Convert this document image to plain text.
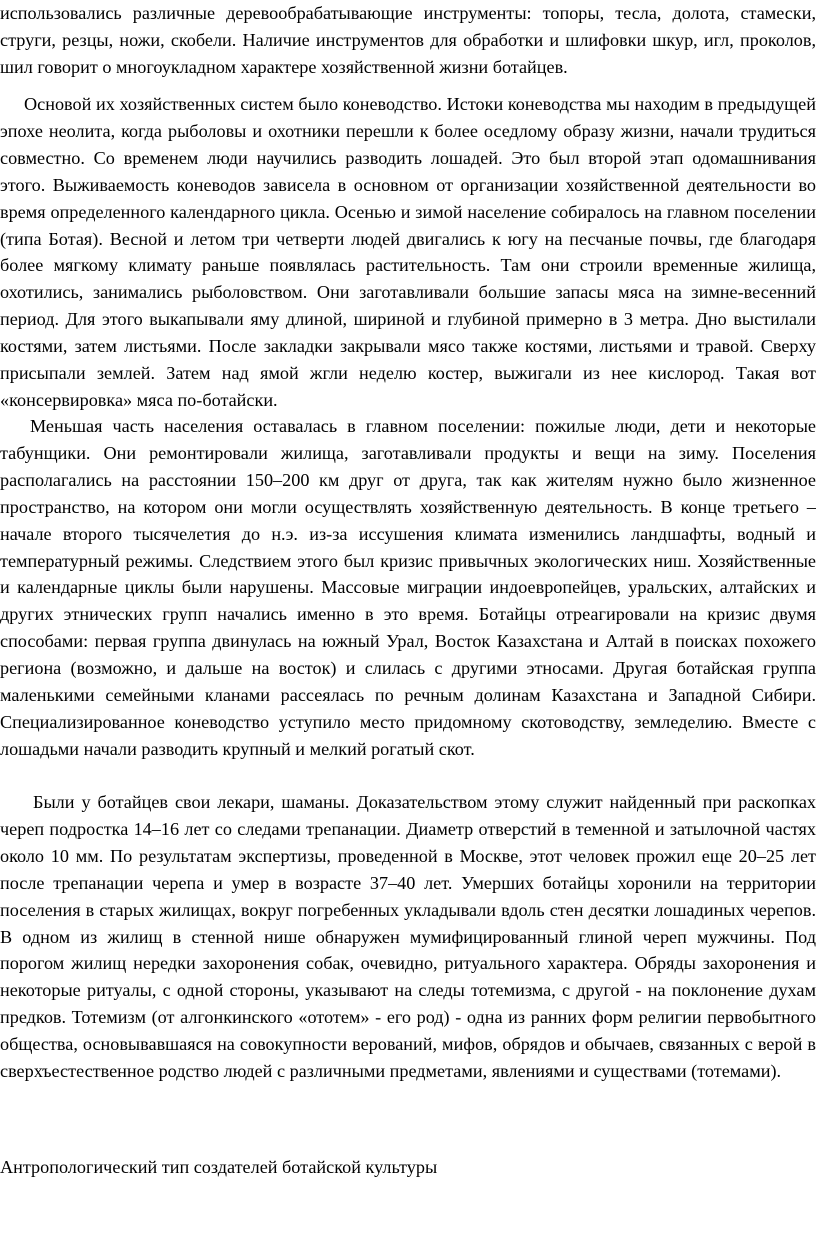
использовались различные деревообрабатывающие инструменты: топоры, тесла, долота, стамески, струги, резцы, ножи, скобели. Наличие инструментов для обработки и шлифовки шкур, игл, проколов, шил говорит о многоукладном характере хозяйственной жизни ботайцев.

Основой их хозяйственных систем было коневодство. Истоки коневодства мы находим в предыдущей эпохе неолита, когда рыболовы и охотники перешли к более оседлому образу жизни, начали трудиться совместно. Со временем люди научились разводить лошадей. Это был второй этап одомашнивания этого. Выживаемость коневодов зависела в основном от организации хозяйственной деятельности во время определенного календарного цикла. Осенью и зимой население собиралось на главном поселении (типа Ботая). Весной и летом три четверти людей двигались к югу на песчаные почвы, где благодаря более мягкому климату раньше появлялась растительность. Там они строили временные жилища, охотились, занимались рыболовством. Они заготавливали большие запасы мяса на зимне-весенний период. Для этого выкапывали яму длиной, шириной и глубиной примерно в 3 метра. Дно выстилали костями, затем листьями. После закладки закрывали мясо также костями, листьями и травой. Сверху присыпали землей. Затем над ямой жгли неделю костер, выжигали из нее кислород. Такая вот «консервировка» мяса по-ботайски.

Меньшая часть населения оставалась в главном поселении: пожилые люди, дети и некоторые табунщики. Они ремонтировали жилища, заготавливали продукты и вещи на зиму. Поселения располагались на расстоянии 150–200 км друг от друга, так как жителям нужно было жизненное пространство, на котором они могли осуществлять хозяйственную деятельность. В конце третьего – начале второго тысячелетия до н.э. из-за иссушения климата изменились ландшафты, водный и температурный режимы. Следствием этого был кризис привычных экологических ниш. Хозяйственные и календарные циклы были нарушены. Массовые миграции индоевропейцев, уральских, алтайских и других этнических групп начались именно в это время. Ботайцы отреагировали на кризис двумя способами: первая группа двинулась на южный Урал, Восток Казахстана и Алтай в поисках похожего региона (возможно, и дальше на восток) и слилась с другими этносами. Другая ботайская группа маленькими семейными кланами рассеялась по речным долинам Казахстана и Западной Сибири. Специализированное коневодство уступило место придомному скотоводству, земледелию. Вместе с лошадьми начали разводить крупный и мелкий рогатый скот.

Были у ботайцев свои лекари, шаманы. Доказательством этому служит найденный при раскопках череп подростка 14–16 лет со следами трепанации. Диаметр отверстий в теменной и затылочной частях около 10 мм. По результатам экспертизы, проведенной в Москве, этот человек прожил еще 20–25 лет после трепанации черепа и умер в возрасте 37–40 лет. Умерших ботайцы хоронили на территории поселения в старых жилищах, вокруг погребенных укладывали вдоль стен десятки лошадиных черепов. В одном из жилищ в стенной нише обнаружен мумифицированный глиной череп мужчины. Под порогом жилищ нередки захоронения собак, очевидно, ритуального характера. Обряды захоронения и некоторые ритуалы, с одной стороны, указывают на следы тотемизма, с другой - на поклонение духам предков. Тотемизм (от алгонкинского «ототем» - его род) - одна из ранних форм религии первобытного общества, основывавшаяся на совокупности верований, мифов, обрядов и обычаев, связанных с верой в сверхъестественное родство людей с различными предметами, явлениями и существами (тотемами).

Антропологический тип создателей ботайской культуры
